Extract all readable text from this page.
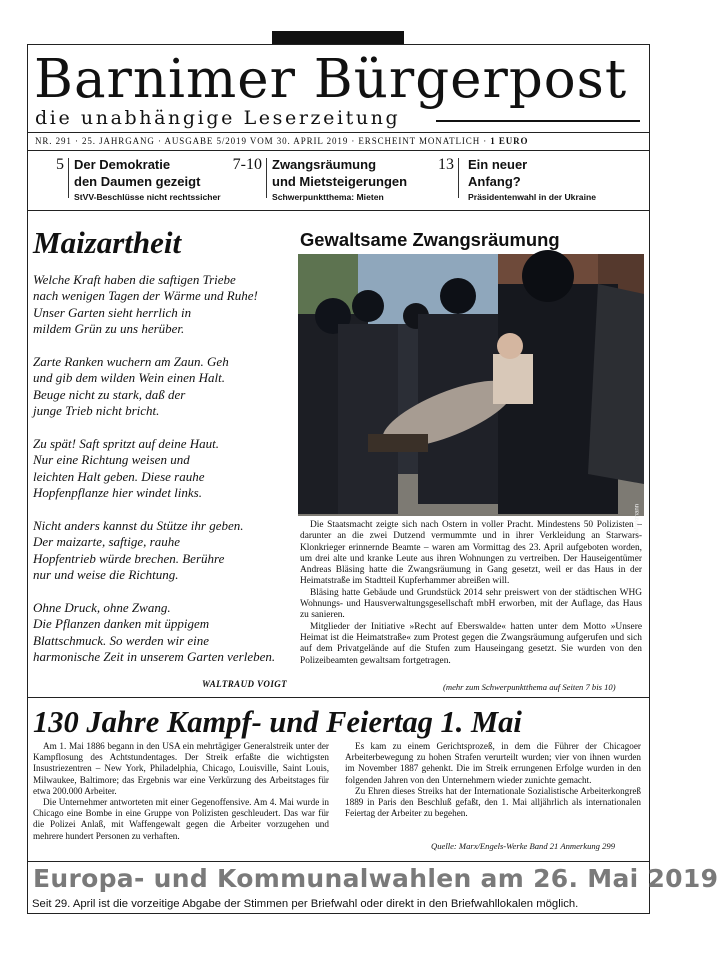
Barnimer Bürgerpost
die unabhängige Leserzeitung
NR. 291 · 25. JAHRGANG · AUSGABE 5/2019 VOM 30. APRIL 2019 · ERSCHEINT MONATLICH · 1 EURO
5 Der Demokratie
den Daumen gezeigt
StVV-Beschlüsse nicht rechtssicher
7-10 Zwangsräumung
und Mietsteigerungen
Schwerpunktthema: Mieten
13 Ein neuer
Anfang?
Präsidentenwahl in der Ukraine
Maizartheit

Welche Kraft haben die saftigen Triebe
nach wenigen Tagen der Wärme und Ruhe!
Unser Garten sieht herrlich in
mildem Grün zu uns herüber.

Zarte Ranken wuchern am Zaun. Geh
und gib dem wilden Wein einen Halt.
Beuge nicht zu stark, daß der
junge Trieb nicht bricht.

Zu spät! Saft spritzt auf deine Haut.
Nur eine Richtung weisen und
leichten Halt geben. Diese rauhe
Hopfenpflanze hier windet links.

Nicht anders kannst du Stütze ihr geben.
Der maizarte, saftige, rauhe
Hopfentrieb würde brechen. Berühre
nur und weise die Richtung.

Ohne Druck, ohne Zwang.
Die Pflanzen danken mit üppigem
Blattschmuck. So werden wir eine
harmonische Zeit in unserem Garten verleben.

WALTRAUD VOIGT
Gewaltsame Zwangsräumung
Foto: Gerd Markmann

Die Staatsmacht zeigte sich nach Ostern in voller Pracht. Mindestens 50 Polizisten – darunter an die zwei Dutzend vermummte und in ihrer Verkleidung an Starwars-Klonkrieger erinnernde Beamte – waren am Vormittag des 23. April aufgeboten worden, um drei alte und kranke Leute aus ihren Wohnungen zu vertreiben. Der Hauseigentümer Andreas Bläsing hatte die Zwangsräumung in Gang gesetzt, weil er das Haus in der Heimatstraße im Stadtteil Kupferhammer abreißen will.

Bläsing hatte Gebäude und Grundstück 2014 sehr preiswert von der städtischen WHG Wohnungs- und Hausverwaltungsgesellschaft mbH erworben, mit der Auflage, das Haus zu sanieren.

Mitglieder der Initiative »Recht auf Eberswalde« hatten unter dem Motto »Unsere Heimat ist die Heimatstraße« zum Protest gegen die Zwangsräumung aufgerufen und sich auf dem Privatgelände auf die Stufen zum Hauseingang gesetzt. Sie wurden von den Polizeibeamten gewaltsam fortgetragen.

(mehr zum Schwerpunktthema auf Seiten 7 bis 10)
130 Jahre Kampf- und Feiertag 1. Mai

Am 1. Mai 1886 begann in den USA ein mehrtägiger Generalstreik unter der Kampflosung des Achtstundentages. Der Streik erfaßte die wichtigsten Insustriezentren – New York, Philadelphia, Chicago, Louisville, Saint Louis, Milwaukee, Baltimore; das Ergebnis war eine Verkürzung des Arbeitstages für etwa 200.000 Arbeiter.

Die Unternehmer antworteten mit einer Gegenoffensive. Am 4. Mai wurde in Chicago eine Bombe in eine Gruppe von Polizisten geschleudert. Das war für die Polizei Anlaß, mit Waffengewalt gegen die Arbeiter vorzugehen und mehrere hundert Personen zu verhaften.

Es kam zu einem Gerichtsprozeß, in dem die Führer der Chicagoer Arbeiterbewegung zu hohen Strafen verurteilt wurden; vier von ihnen wurden im November 1887 gehenkt. Die im Streik errungenen Erfolge wurden in den folgenden Jahren von den Unternehmern wieder zunichte gemacht.

Zu Ehren dieses Streiks hat der Internationale Sozialistische Arbeiterkongreß 1889 in Paris den Beschluß gefaßt, den 1. Mai alljährlich als internationalen Feiertag der Arbeiter zu begehen.

Quelle: Marx/Engels-Werke Band 21 Anmerkung 299
Europa- und Kommunalwahlen am 26. Mai 2019
Seit 29. April ist die vorzeitige Abgabe der Stimmen per Briefwahl oder direkt in den Briefwahllokalen möglich.
